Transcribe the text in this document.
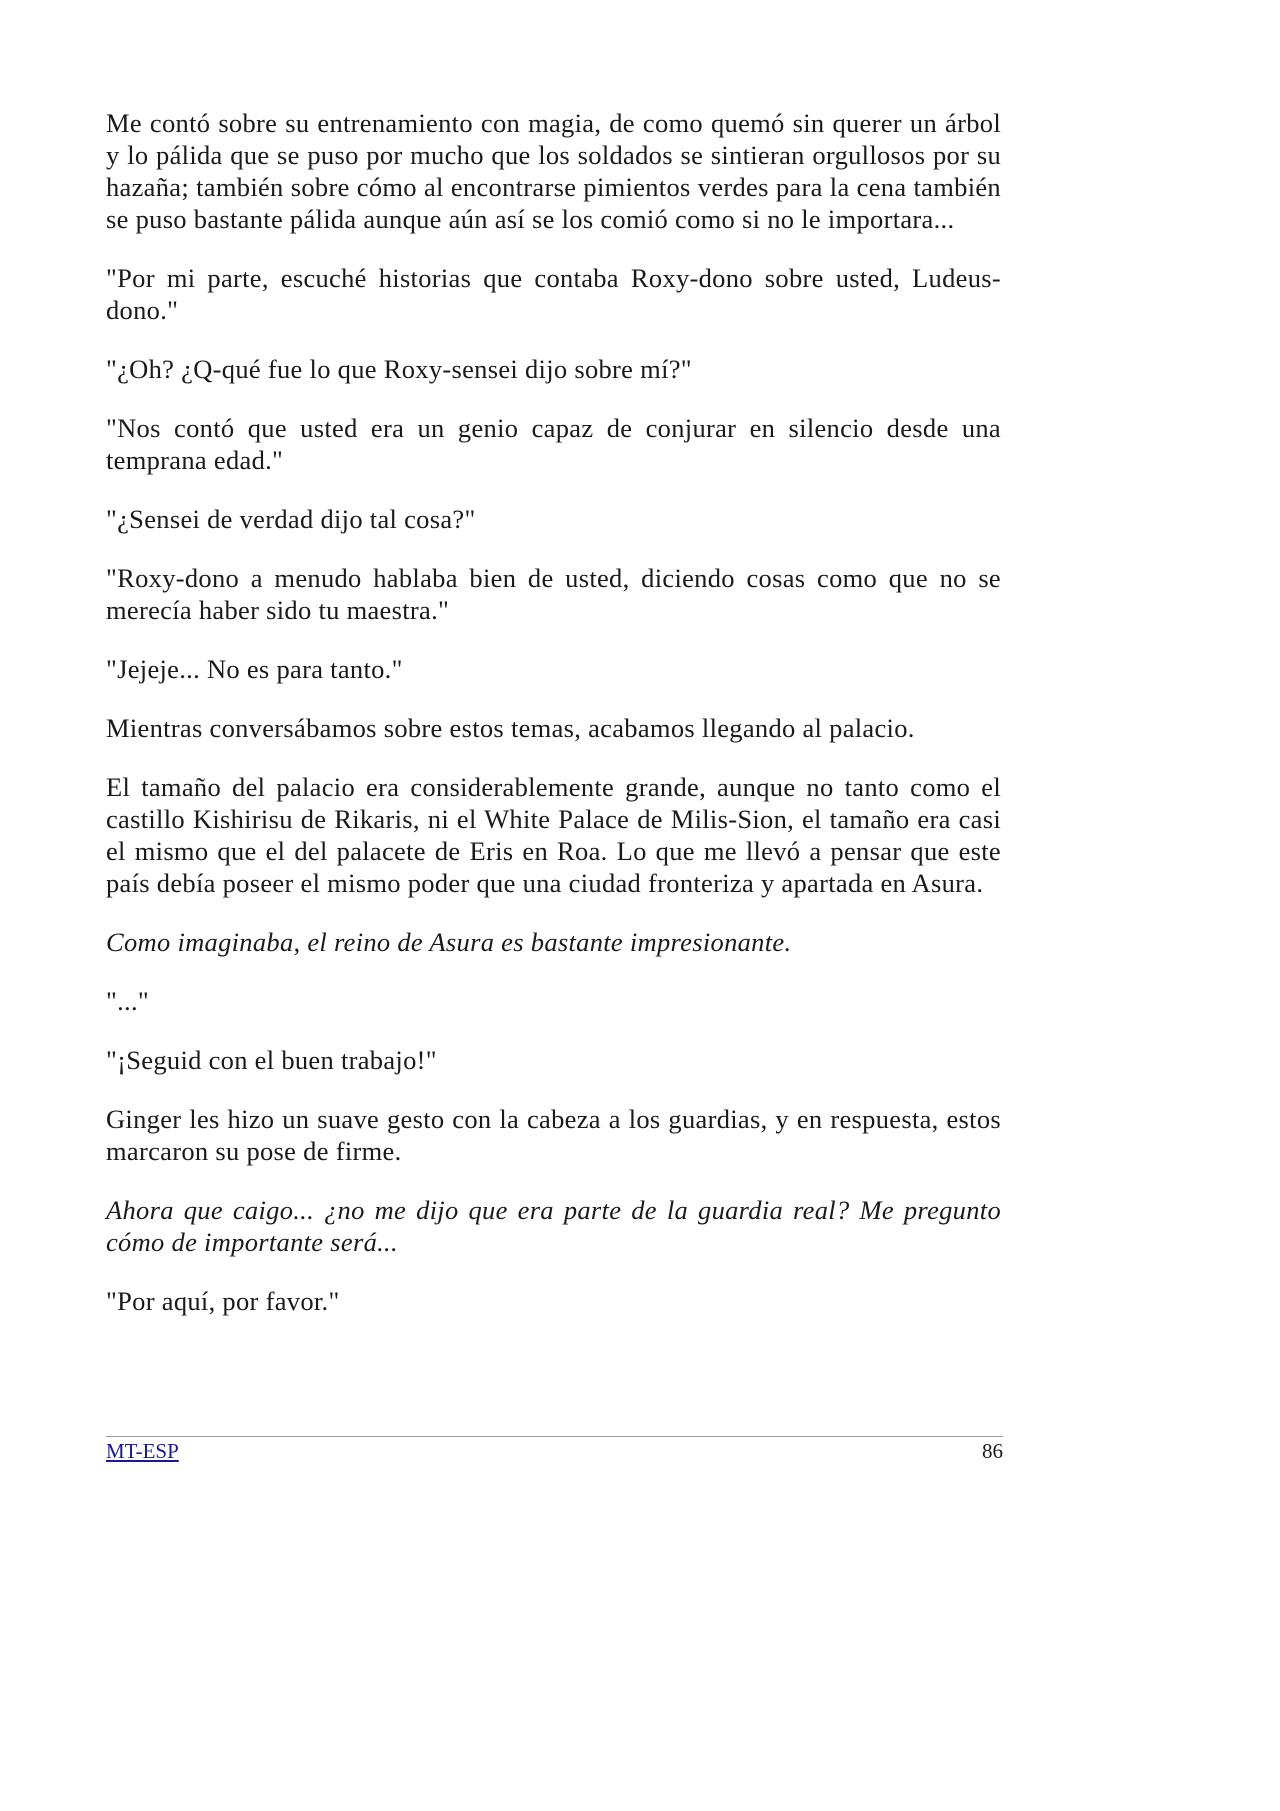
Me contó sobre su entrenamiento con magia, de como quemó sin querer un árbol y lo pálida que se puso por mucho que los soldados se sintieran orgullosos por su hazaña; también sobre cómo al encontrarse pimientos verdes para la cena también se puso bastante pálida aunque aún así se los comió como si no le importara...

"Por mi parte, escuché historias que contaba Roxy-dono sobre usted, Ludeus-dono."

"¿Oh? ¿Q-qué fue lo que Roxy-sensei dijo sobre mí?"

"Nos contó que usted era un genio capaz de conjurar en silencio desde una temprana edad."

"¿Sensei de verdad dijo tal cosa?"

"Roxy-dono a menudo hablaba bien de usted, diciendo cosas como que no se merecía haber sido tu maestra."

"Jejeje... No es para tanto."

Mientras conversábamos sobre estos temas, acabamos llegando al palacio.

El tamaño del palacio era considerablemente grande, aunque no tanto como el castillo Kishirisu de Rikaris, ni el White Palace de Milis-Sion, el tamaño era casi el mismo que el del palacete de Eris en Roa. Lo que me llevó a pensar que este país debía poseer el mismo poder que una ciudad fronteriza y apartada en Asura.

Como imaginaba, el reino de Asura es bastante impresionante.

"..."

"¡Seguid con el buen trabajo!"

Ginger les hizo un suave gesto con la cabeza a los guardias, y en respuesta, estos marcaron su pose de firme.

Ahora que caigo... ¿no me dijo que era parte de la guardia real? Me pregunto cómo de importante será...

"Por aquí, por favor."

MT-ESP	86
